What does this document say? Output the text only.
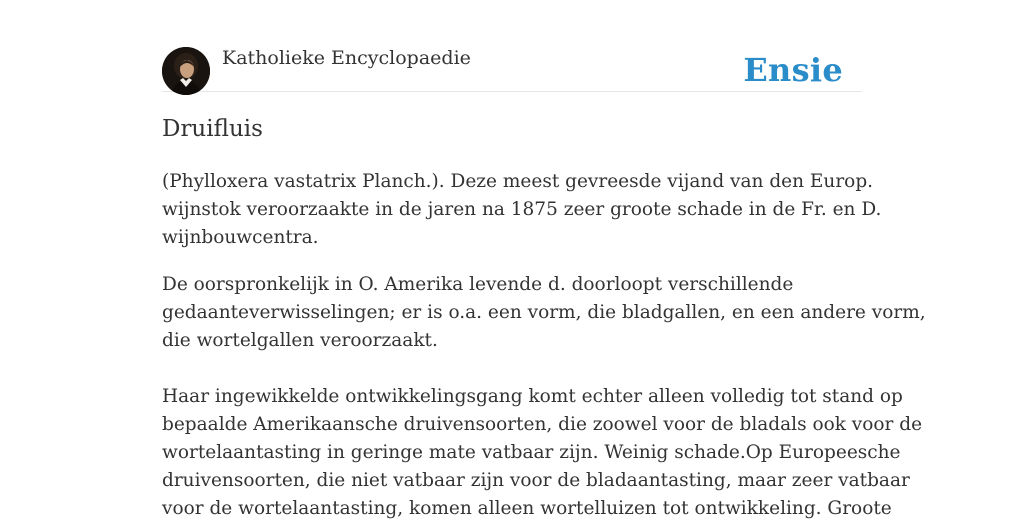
Katholieke Encyclopaedie	Ensie
Druifluis

(Phylloxera vastatrix Planch.). Deze meest gevreesde vijand van den Europ.
wijnstok veroorzaakte in de jaren na 1875 zeer groote schade in de Fr. en D.
wijnbouwcentra.

De oorspronkelijk in O. Amerika levende d. doorloopt verschillende
gedaanteverwisselingen; er is o.a. een vorm, die bladgallen, en een andere vorm,
die wortelgallen veroorzaakt.

Haar ingewikkelde ontwikkelingsgang komt echter alleen volledig tot stand op
bepaalde Amerikaansche druivensoorten, die zoowel voor de bladals ook voor de
wortelaantasting in geringe mate vatbaar zijn. Weinig schade.Op Europeesche
druivensoorten, die niet vatbaar zijn voor de bladaantasting, maar zeer vatbaar
voor de wortelaantasting, komen alleen wortelluizen tot ontwikkeling. Groote
